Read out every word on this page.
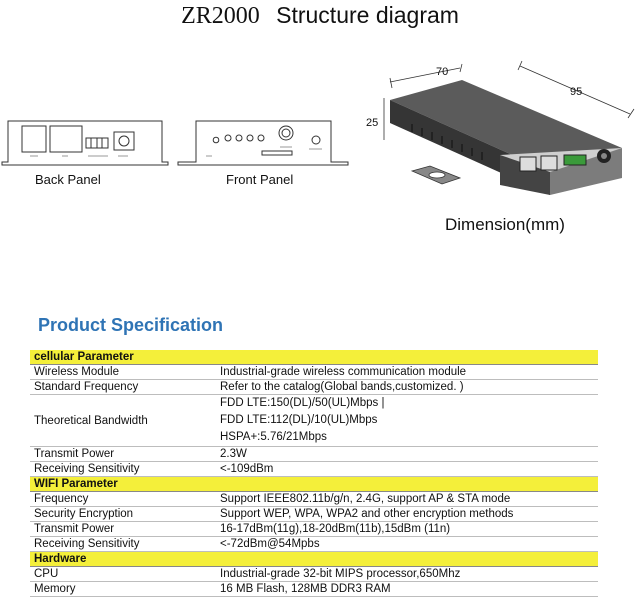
ZR2000 Structure diagram
Back Panel	Front Panel
70
95
25
Dimension(mm)
Product Specification
cellular Parameter	
Wireless Module	Industrial-grade wireless communication module

Standard Frequency	Refer to the catalog(Global bands,customized. )

Theoretical Bandwidth	FDD LTE:150(DL)/50(UL)Mbps |
FDD LTE:112(DL)/10(UL)Mbps
HSPA+:5.76/21Mbps

Transmit Power	2.3W

Receiving Sensitivity	<-109dBm

WIFI Parameter	
Frequency	Support IEEE802.11b/g/n, 2.4G, support AP & STA mode

Security Encryption	Support WEP, WPA, WPA2 and other encryption methods

Transmit Power	16-17dBm(11g),18-20dBm(11b),15dBm (11n)

Receiving Sensitivity	<-72dBm@54Mpbs

Hardware	
CPU	Industrial-grade 32-bit MIPS processor,650Mhz

Memory	16 MB Flash, 128MB DDR3 RAM
